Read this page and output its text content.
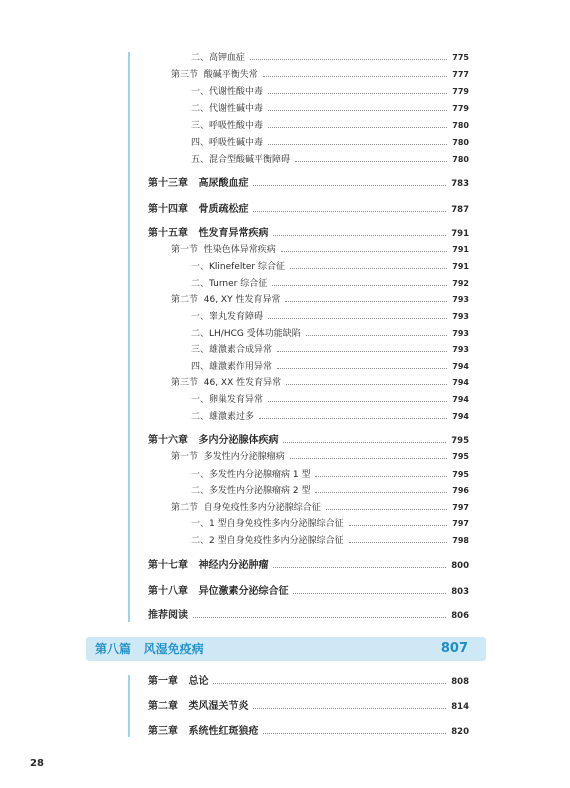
二、高钾血症	775
第三节 酸碱平衡失常	777
一、代谢性酸中毒	779
二、代谢性碱中毒	779
三、呼吸性酸中毒	780
四、呼吸性碱中毒	780
五、混合型酸碱平衡障碍	780
第十三章 高尿酸血症	783
第十四章 骨质疏松症	787
第十五章 性发育异常疾病	791
第一节 性染色体异常疾病	791
一、Klinefelter 综合征	791
二、Turner 综合征	792
第二节 46, XY 性发育异常	793
一、睾丸发育障碍	793
二、LH/HCG 受体功能缺陷	793
三、雄激素合成异常	793
四、雄激素作用异常	794
第三节 46, XX 性发育异常	794
一、卵巢发育异常	794
二、雄激素过多	794
第十六章 多内分泌腺体疾病	795
第一节 多发性内分泌腺瘤病	795
一、多发性内分泌腺瘤病 1 型	795
二、多发性内分泌腺瘤病 2 型	796
第二节 自身免疫性多内分泌腺综合征	797
一、1 型自身免疫性多内分泌腺综合征	797
二、2 型自身免疫性多内分泌腺综合征	798
第十七章 神经内分泌肿瘤	800
第十八章 异位激素分泌综合征	803
推荐阅读	806
第一章 总论	808
第二章 类风湿关节炎	814
第三章 系统性红斑狼疮	820
第八篇 风湿免疫病	807
28
